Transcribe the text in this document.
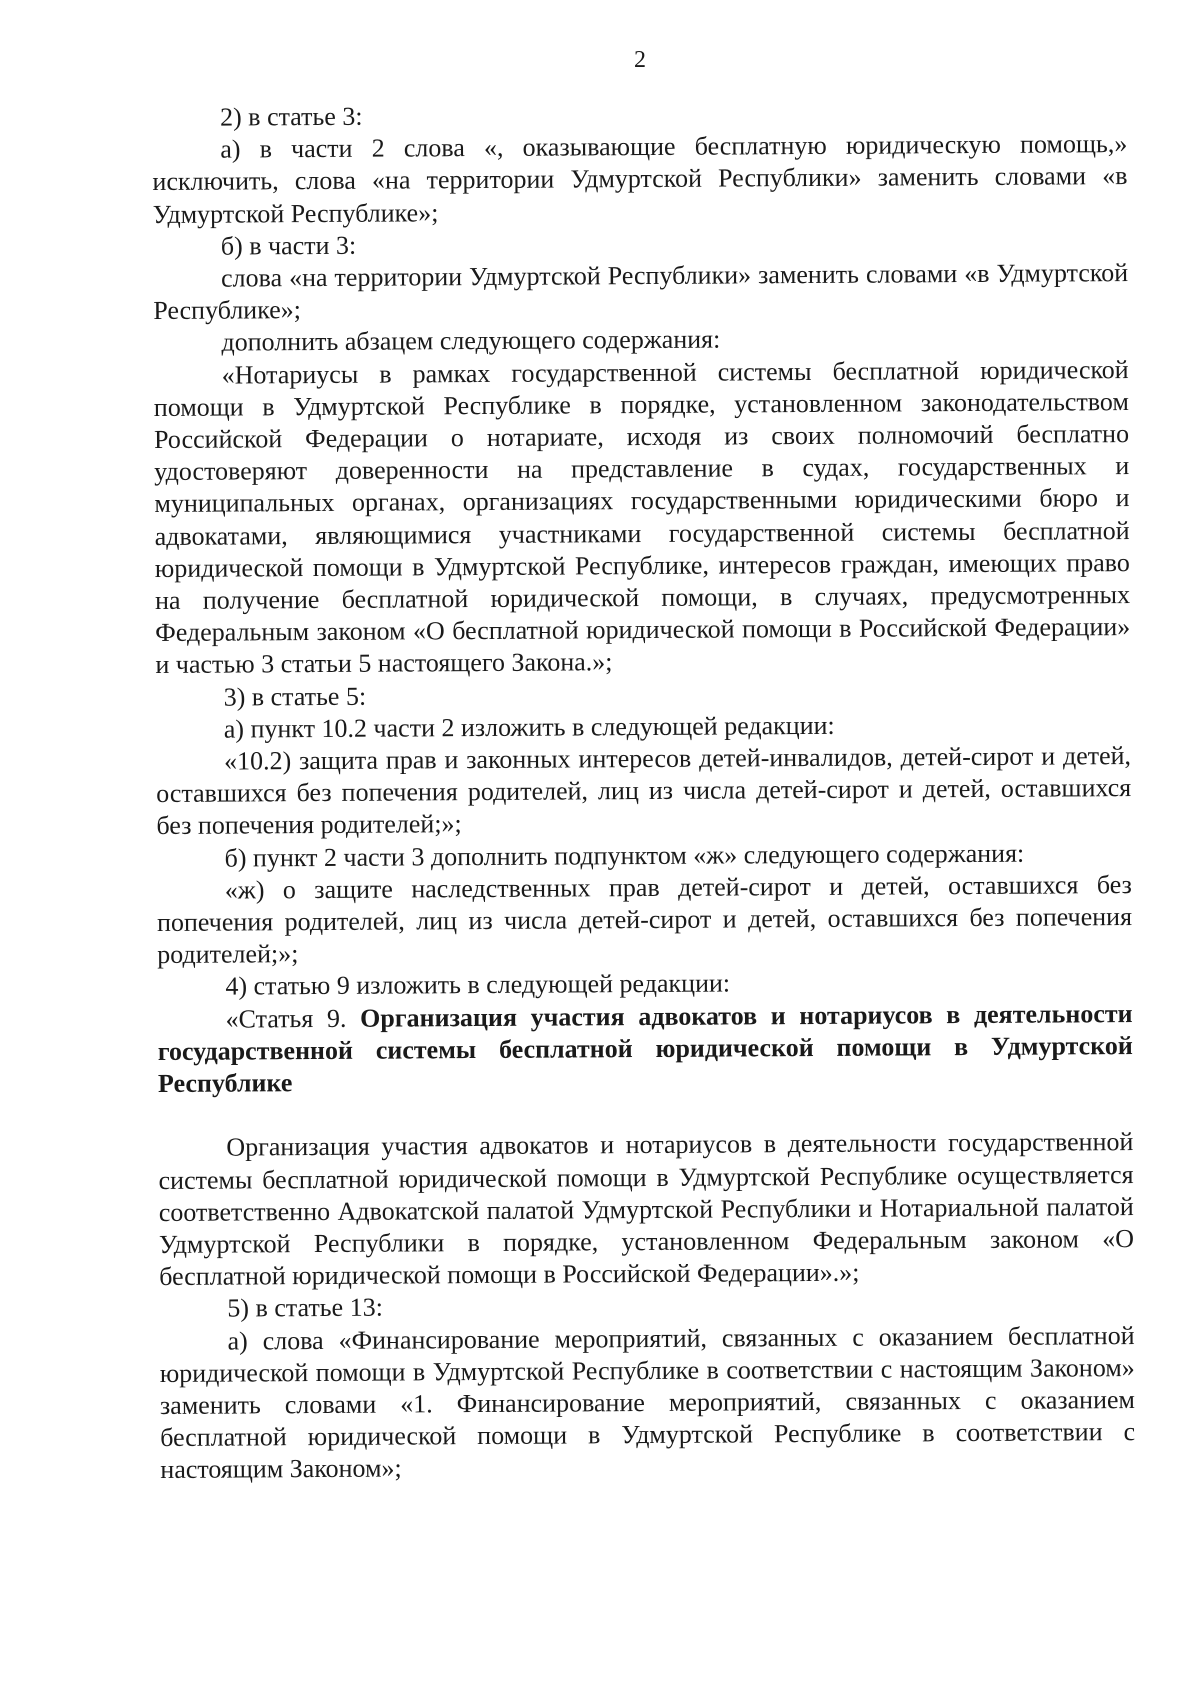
2

2) в статье 3:

а) в части 2 слова «, оказывающие бесплатную юридическую помощь,» исключить, слова «на территории Удмуртской Республики» заменить словами «в Удмуртской Республике»;

б) в части 3:

слова «на территории Удмуртской Республики» заменить словами «в Удмуртской Республике»;

дополнить абзацем следующего содержания:

«Нотариусы в рамках государственной системы бесплатной юридической помощи в Удмуртской Республике в порядке, установленном законодательством Российской Федерации о нотариате, исходя из своих полномочий бесплатно удостоверяют доверенности на представление в судах, государственных и муниципальных органах, организациях государственными юридическими бюро и адвокатами, являющимися участниками государственной системы бесплатной юридической помощи в Удмуртской Республике, интересов граждан, имеющих право на получение бесплатной юридической помощи, в случаях, предусмотренных Федеральным законом «О бесплатной юридической помощи в Российской Федерации» и частью 3 статьи 5 настоящего Закона.»;

3) в статье 5:

а) пункт 10.2 части 2 изложить в следующей редакции:

«10.2) защита прав и законных интересов детей-инвалидов, детей-сирот и детей, оставшихся без попечения родителей, лиц из числа детей-сирот и детей, оставшихся без попечения родителей;»;

б) пункт 2 части 3 дополнить подпунктом «ж» следующего содержания:

«ж) о защите наследственных прав детей-сирот и детей, оставшихся без попечения родителей, лиц из числа детей-сирот и детей, оставшихся без попечения родителей;»;

4) статью 9 изложить в следующей редакции:

«Статья 9. Организация участия адвокатов и нотариусов в деятельности государственной системы бесплатной юридической помощи в Удмуртской Республике

Организация участия адвокатов и нотариусов в деятельности государственной системы бесплатной юридической помощи в Удмуртской Республике осуществляется соответственно Адвокатской палатой Удмуртской Республики и Нотариальной палатой Удмуртской Республики в порядке, установленном Федеральным законом «О бесплатной юридической помощи в Российской Федерации».»;

5) в статье 13:

а) слова «Финансирование мероприятий, связанных с оказанием бесплатной юридической помощи в Удмуртской Республике в соответствии с настоящим Законом» заменить словами «1. Финансирование мероприятий, связанных с оказанием бесплатной юридической помощи в Удмуртской Республике в соответствии с настоящим Законом»;
